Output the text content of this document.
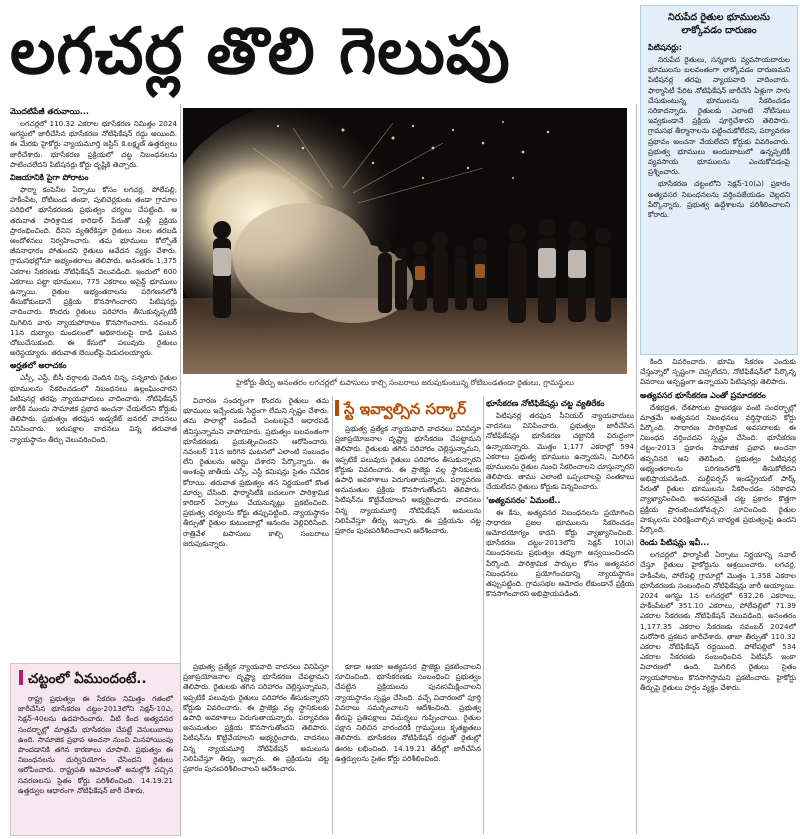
లగచర్ల తొలి గెలుపు
మొదటిపేజీ తరువాయి...

లగచర్లలో 110.32 ఎకరాల భూసేకరణ నిమిత్తం 2024 ఆగస్టులో జారీచేసిన భూసేకరణ నోటిఫికేషన్ రద్దు అయింది. ఈ మేరకు హైకోర్టు న్యాయమూర్తి జస్టిస్ కె.లక్ష్మణ్ ఉత్తర్వులు జారీచేశారు. భూసేకరణ ప్రక్రియలో చట్ట నిబంధనలను పాటించలేదని పిటిషనర్లు కోర్టు దృష్టికి తెచ్చారు.

విజయానికి పైగా పోరాటం

ఫార్మా కంపెనీల ఏర్పాటు కోసం లగచర్ల, పోలేపల్లి, హకీంపేట, రోటిబండ తండా, పులిచెర్లకుంట తండా గ్రామాల పరిధిలో భూసేకరణకు ప్రభుత్వం చర్యలు చేపట్టింది. ఆ తరువాత పారిశ్రామిక కారిడార్ పేరుతో మళ్లీ ప్రక్రియ ప్రారంభించింది. దీనిని వ్యతిరేకిస్తూ రైతులు నెలల తరబడి ఆందోళనలు నిర్వహించారు. తమ భూములు కోల్పోతే జీవనాధారం పోతుందని రైతులు ఆవేదన వ్యక్తం చేశారు. గ్రామసభల్లోనూ అభ్యంతరాలు తెలిపారు. అనంతరం 1,375 ఎకరాల సేకరణకు నోటిఫికేషన్ వెలువడింది. ఇందులో 600 ఎకరాలు పట్టా భూములు, 775 ఎకరాలు అసైన్డ్ భూములు ఉన్నాయి. రైతుల అభ్యంతరాలను పరిగణనలోకి తీసుకోకుండానే ప్రక్రియ కొనసాగించారని పిటిషనర్లు వాదించారు. కొందరు రైతులు పరిహారం తీసుకున్నప్పటికీ మిగిలిన వారు న్యాయపోరాటం కొనసాగించారు. నవంబర్ 11న దుద్యాల మండలంలో అధికారులపై దాడి ఘటన చోటుచేసుకుంది. ఈ కేసులో పలువురు రైతులు అరెస్టయ్యారు. తరువాత బెయిల్‌పై విడుదలయ్యారు.

అర్హతలో అరాచకం

ఎస్సీ, ఎస్టీ, బీసీ వర్గాలకు చెందిన చిన్న, సన్నకారు రైతుల భూములను సేకరించడంలో నిబంధనలు ఉల్లంఘించారని పిటిషనర్ల తరఫు న్యాయవాదులు వాదించారు. నోటిఫికేషన్ జారీకి ముందు సామాజిక ప్రభావ అంచనా చేయలేదని కోర్టుకు తెలిపారు. ప్రభుత్వం తరఫున అడ్వకేట్ జనరల్ వాదనలు వినిపించారు. ఇరుపక్షాల వాదనలు విన్న తరువాత న్యాయస్థానం తీర్పు వెలువరించింది.

హైకోర్టు తీర్పు అనంతరం లగచర్లలో టపాసులు కాల్చి సంబరాలు జరుపుకుంటున్న రోటిబండతండా రైతులు, గ్రామస్థులు
నిరుపేద రైతుల భూములను లాక్కోవడం దారుణం
పిటిషనర్లు:

నిరుపేద రైతులు, సన్నకారు వ్యవసాయదారుల భూములను బలవంతంగా లాక్కోవడం దారుణమని పిటిషనర్ల తరఫు న్యాయవాది వాదించారు. ఫార్మాసిటీ పేరిట నోటిఫికేషన్ జారీచేసి ఏళ్లుగా సాగు చేసుకుంటున్న భూములను సేకరించడం సరికాదన్నారు. రైతులకు ఎలాంటి నోటీసులు ఇవ్వకుండానే ప్రక్రియ పూర్తిచేశారని తెలిపారు. గ్రామసభ తీర్మానాలను పట్టించుకోలేదని, పర్యావరణ ప్రభావం అంచనా వేయలేదని కోర్టుకు వివరించారు. ప్రభుత్వ భూములు అందుబాటులో ఉన్నప్పటికీ వ్యవసాయ భూములను ఎంచుకోవడంపై ప్రశ్నించారు.

భూసేకరణ చట్టంలోని సెక్షన్-10(ఎ) ప్రకారం అత్యవసర నిబంధనలను వర్తింపజేయడం చెల్లదని పేర్కొన్నారు. ప్రభుత్వ ఉద్దేశాలను పరిశీలించాలని కోరారు.

కింది వివరించారు. భూమి సేకరణ ఎందుకు చేస్తున్నారో స్పష్టంగా చెప్పలేదని, నోటిఫికేషన్‌లో పేర్కొన్న వివరాలు అస్పష్టంగా ఉన్నాయని పిటిషనర్లు తెలిపారు.

అత్యవసర భూసేకరణ ఎంతో ప్రమాదకరం

దేశభద్రత, దేశపౌరుల ప్రాణరక్షణ వంటి సందర్భాల్లో మాత్రమే అత్యవసర నిబంధనలు వర్తిస్తాయని కోర్టు పేర్కొంది. సాధారణ పారిశ్రామిక అవసరాలకు ఈ నిబంధన వర్తించదని స్పష్టం చేసింది. భూసేకరణ చట్టం-2013 ప్రకారం సామాజిక ప్రభావ అంచనా తప్పనిసరి అని తెలిపింది. ప్రభుత్వం పిటిషనర్ల అభ్యంతరాలను పరిగణనలోకి తీసుకోలేదని అభిప్రాయపడింది. మల్టీపర్పస్ ఇండస్ట్రియల్ పార్క్ పేరుతో రైతుల భూములను సేకరించడం సరికాదని వ్యాఖ్యానించింది. అవసరమైతే చట్ట ప్రకారం కొత్తగా ప్రక్రియ ప్రారంభించుకోవచ్చని సూచించింది. రైతుల హక్కులను పరిరక్షించాల్సిన బాధ్యత ప్రభుత్వంపై ఉందని పేర్కొంది.

రెండు పిటిషన్లు ఇవీ...

లగచర్లలో ఫార్మాసిటీ ఏర్పాటు నిర్ణయాన్ని సవాల్ చేస్తూ రైతులు హైకోర్టును ఆశ్రయించారు. లగచర్ల, హకీంపేట, పోలేపల్లి గ్రామాల్లో మొత్తం 1,358 ఎకరాల భూసేకరణకు సంబంధించి నోటిఫికేషన్లు జారీ అయ్యాయి. 2024 ఆగస్టు 1న లగచర్లలో 632.26 ఎకరాలు, హకీంపేటలో 351.10 ఎకరాలు, పోలేపల్లిలో 71.39 ఎకరాల సేకరణకు నోటిఫికేషన్ వెలువడింది. అనంతరం 1,177.35 ఎకరాల సేకరణకు నవంబర్ 2024లో మరోసారి ప్రకటన జారీచేశారు. తాజా తీర్పుతో 110.32 ఎకరాల నోటిఫికేషన్ రద్దయింది. పోలేపల్లిలో 534 ఎకరాల సేకరణకు సంబంధించిన పిటిషన్ ఇంకా విచారణలో ఉంది. మిగిలిన రైతులు సైతం న్యాయపోరాటం కొనసాగిస్తామని ప్రకటించారు. హైకోర్టు తీర్పుపై రైతులు హర్షం వ్యక్తం చేశారు.

విచారణ సందర్భంగా కొందరు రైతులు తమ భూములు ఇచ్చేందుకు సిద్ధంగా లేమని స్పష్టం చేశారు. తమ పొలాల్లో పండించే పంటలపైనే ఆధారపడి జీవిస్తున్నామని వాపోయారు. ప్రభుత్వం బలవంతంగా భూసేకరణకు ప్రయత్నించిందని ఆరోపించారు. నవంబర్ 11న జరిగిన ఘటనలో ఎలాంటి సంబంధం లేని రైతులను అరెస్టు చేశారని పేర్కొన్నారు. ఈ అంశంపై జాతీయ ఎస్సీ, ఎస్టీ కమిషన్లు సైతం నివేదిక కోరాయి. తరువాత ప్రభుత్వం తన నిర్ణయంలో కొంత మార్పు చేసింది. ఫార్మాసిటీకి బదులుగా పారిశ్రామిక కారిడార్ ఏర్పాటు చేయనున్నట్లు ప్రకటించింది. ప్రభుత్వ చర్యలను కోర్టు తప్పుపట్టింది. న్యాయస్థానం తీర్పుతో రైతుల కుటుంబాల్లో ఆనందం వెల్లివిరిసింది. రాత్రివేళ టపాసులు కాల్చి సంబరాలు జరుపుకున్నారు.

స్టే ఇవ్వాల్సిన సర్కార్

ప్రభుత్వ ప్రత్యేక న్యాయవాది వాదనలు వినిపిస్తూ ప్రజాప్రయోజనాల దృష్ట్యా భూసేకరణ చేపట్టామని తెలిపారు. రైతులకు తగిన పరిహారం చెల్లిస్తున్నామని, ఇప్పటికే పలువురు రైతులు పరిహారం తీసుకున్నారని కోర్టుకు వివరించారు. ఈ ప్రాజెక్టు వల్ల స్థానికులకు ఉపాధి అవకాశాలు పెరుగుతాయన్నారు. పర్యావరణ అనుమతుల ప్రక్రియ కొనసాగుతోందని తెలిపారు. పిటిషన్‌ను కొట్టివేయాలని అభ్యర్థించారు. వాదనలు విన్న న్యాయమూర్తి నోటిఫికేషన్ అమలును నిలిపివేస్తూ తీర్పు ఇచ్చారు. ఈ ప్రక్రియను చట్ట ప్రకారం పునఃపరిశీలించాలని ఆదేశించారు.

భూసేకరణ నోటిఫికేషన్లు చట్ట వ్యతిరేకం

పిటిషనర్ల తరఫున సీనియర్ న్యాయవాదులు వాదనలు వినిపించారు. ప్రభుత్వం జారీచేసిన నోటిఫికేషన్లు భూసేకరణ చట్టానికి విరుద్ధంగా ఉన్నాయన్నారు. మొత్తం 1,177 ఎకరాల్లో 594 ఎకరాలు ప్రభుత్వ భూములు ఉన్నాయని, మిగిలిన భూములను రైతుల నుంచి సేకరించాలని చూస్తున్నారని తెలిపారు. తాము ఎలాంటి ఒప్పందాలపై సంతకాలు చేయలేదని రైతులు కోర్టుకు విన్నవించారు.

'అత్యవసరం' ఏమంటే..

ఈ కేసు, అత్యవసర నిబంధనలను ప్రయోగించి సాధారణ ప్రజల భూములను సేకరించడం ఆమోదయోగ్యం కాదని కోర్టు వ్యాఖ్యానించింది. భూసేకరణ చట్టం-2013లోని సెక్షన్ 10(ఎ) నిబంధనలను ప్రభుత్వం తప్పుగా అన్వయించిందని పేర్కొంది. పారిశ్రామిక పార్కుల కోసం అత్యవసర నిబంధనలు ప్రయోగించడాన్ని న్యాయస్థానం తప్పుపట్టింది. గ్రామసభల ఆమోదం లేకుండానే ప్రక్రియ కొనసాగించారని అభిప్రాయపడింది.

కూడా ఆయా అత్యవసర ప్రాజెక్టు ప్రకటించాలని సూచించింది. భూసేకరణకు సంబంధించి ప్రభుత్వం చేపట్టిన ప్రక్రియలను పునఃసమీక్షించాలని న్యాయస్థానం స్పష్టం చేసింది. వచ్చే విచారణలో పూర్తి వివరాలు సమర్పించాలని ఆదేశించింది. ప్రభుత్వ తీరుపై ప్రతిపక్షాలు విమర్శలు గుప్పించాయి. రైతుల పక్షాన నిలిచిన వారందరికీ గ్రామస్థులు కృతజ్ఞతలు తెలిపారు. భూసేకరణ నోటిఫికేషన్ రద్దుతో రైతుల్లో ఊరట లభించింది. 14.19.21 తేదీల్లో జారీచేసిన ఉత్తర్వులను సైతం కోర్టు పరిశీలించింది.

ప్రభుత్వ ప్రత్యేక న్యాయవాది వాదనలు వినిపిస్తూ ప్రజాప్రయోజనాల దృష్ట్యా భూసేకరణ చేపట్టామని తెలిపారు. రైతులకు తగిన పరిహారం చెల్లిస్తున్నామని, ఇప్పటికే పలువురు రైతులు పరిహారం తీసుకున్నారని కోర్టుకు వివరించారు. ఈ ప్రాజెక్టు వల్ల స్థానికులకు ఉపాధి అవకాశాలు పెరుగుతాయన్నారు. పర్యావరణ అనుమతుల ప్రక్రియ కొనసాగుతోందని తెలిపారు. పిటిషన్‌ను కొట్టివేయాలని అభ్యర్థించారు. వాదనలు విన్న న్యాయమూర్తి నోటిఫికేషన్ అమలును నిలిపివేస్తూ తీర్పు ఇచ్చారు. ఈ ప్రక్రియను చట్ట ప్రకారం పునఃపరిశీలించాలని ఆదేశించారు.

చట్టంలో ఏముందంటే..

రాష్ట్ర ప్రభుత్వం ఈ సేకరణ నిమిత్తం గతంలో జారీచేసిన భూసేకరణ చట్టం-2013లోని సెక్షన్-10ఎ, సెక్షన్-40లను ఉదహరించారు. వీటి కింద అత్యవసర సందర్భాల్లో మాత్రమే భూసేకరణ చేపట్టే వెసులుబాటు ఉంది. సామాజిక ప్రభావ అంచనా నుంచి మినహాయింపు పొందడానికి తగిన కారణాలు చూపాలి. ప్రభుత్వం ఈ నిబంధనలను దుర్వినియోగం చేసిందని రైతులు ఆరోపించారు. రాష్ట్రపతి ఆమోదంతో అమల్లోకి వచ్చిన సవరణలను సైతం కోర్టు పరిశీలించింది. 14.19.21 ఉత్తర్వుల ఆధారంగా నోటిఫికేషన్ జారీ చేశారు.
